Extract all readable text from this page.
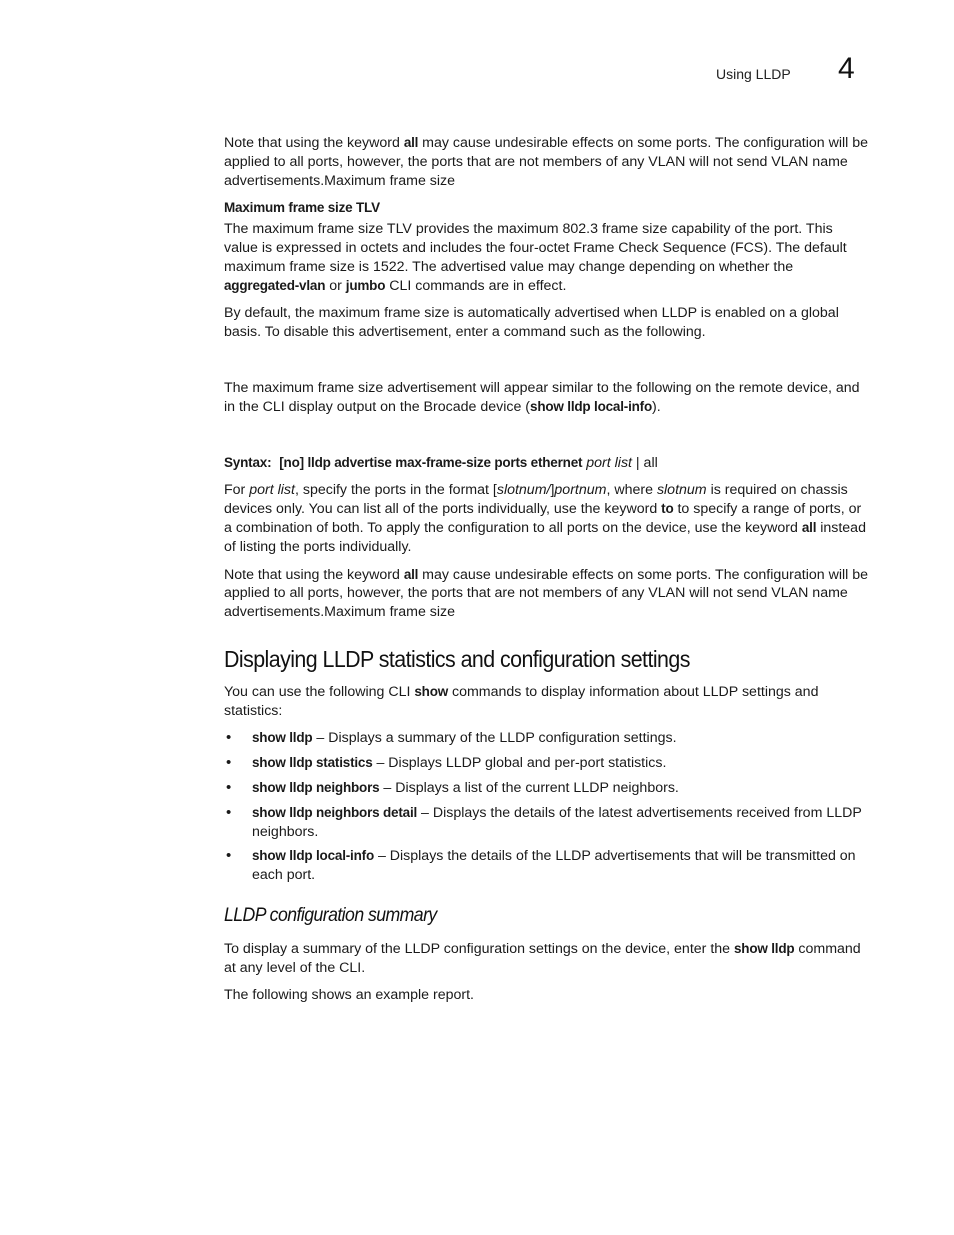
Using LLDP 4

Note that using the keyword all may cause undesirable effects on some ports. The configuration will be applied to all ports, however, the ports that are not members of any VLAN will not send VLAN name advertisements.Maximum frame size

Maximum frame size TLV

The maximum frame size TLV provides the maximum 802.3 frame size capability of the port. This value is expressed in octets and includes the four-octet Frame Check Sequence (FCS). The default maximum frame size is 1522. The advertised value may change depending on whether the aggregated-vlan or jumbo CLI commands are in effect.

By default, the maximum frame size is automatically advertised when LLDP is enabled on a global basis. To disable this advertisement, enter a command such as the following.

The maximum frame size advertisement will appear similar to the following on the remote device, and in the CLI display output on the Brocade device (show lldp local-info).

Syntax: [no] lldp advertise max-frame-size ports ethernet port list | all

For port list, specify the ports in the format [slotnum/]portnum, where slotnum is required on chassis devices only. You can list all of the ports individually, use the keyword to to specify a range of ports, or a combination of both. To apply the configuration to all ports on the device, use the keyword all instead of listing the ports individually.

Note that using the keyword all may cause undesirable effects on some ports. The configuration will be applied to all ports, however, the ports that are not members of any VLAN will not send VLAN name advertisements.Maximum frame size

Displaying LLDP statistics and configuration settings

You can use the following CLI show commands to display information about LLDP settings and statistics:

• show lldp – Displays a summary of the LLDP configuration settings.
• show lldp statistics – Displays LLDP global and per-port statistics.
• show lldp neighbors – Displays a list of the current LLDP neighbors.
• show lldp neighbors detail – Displays the details of the latest advertisements received from LLDP neighbors.
• show lldp local-info – Displays the details of the LLDP advertisements that will be transmitted on each port.
LLDP configuration summary

To display a summary of the LLDP configuration settings on the device, enter the show lldp command at any level of the CLI.

The following shows an example report.
